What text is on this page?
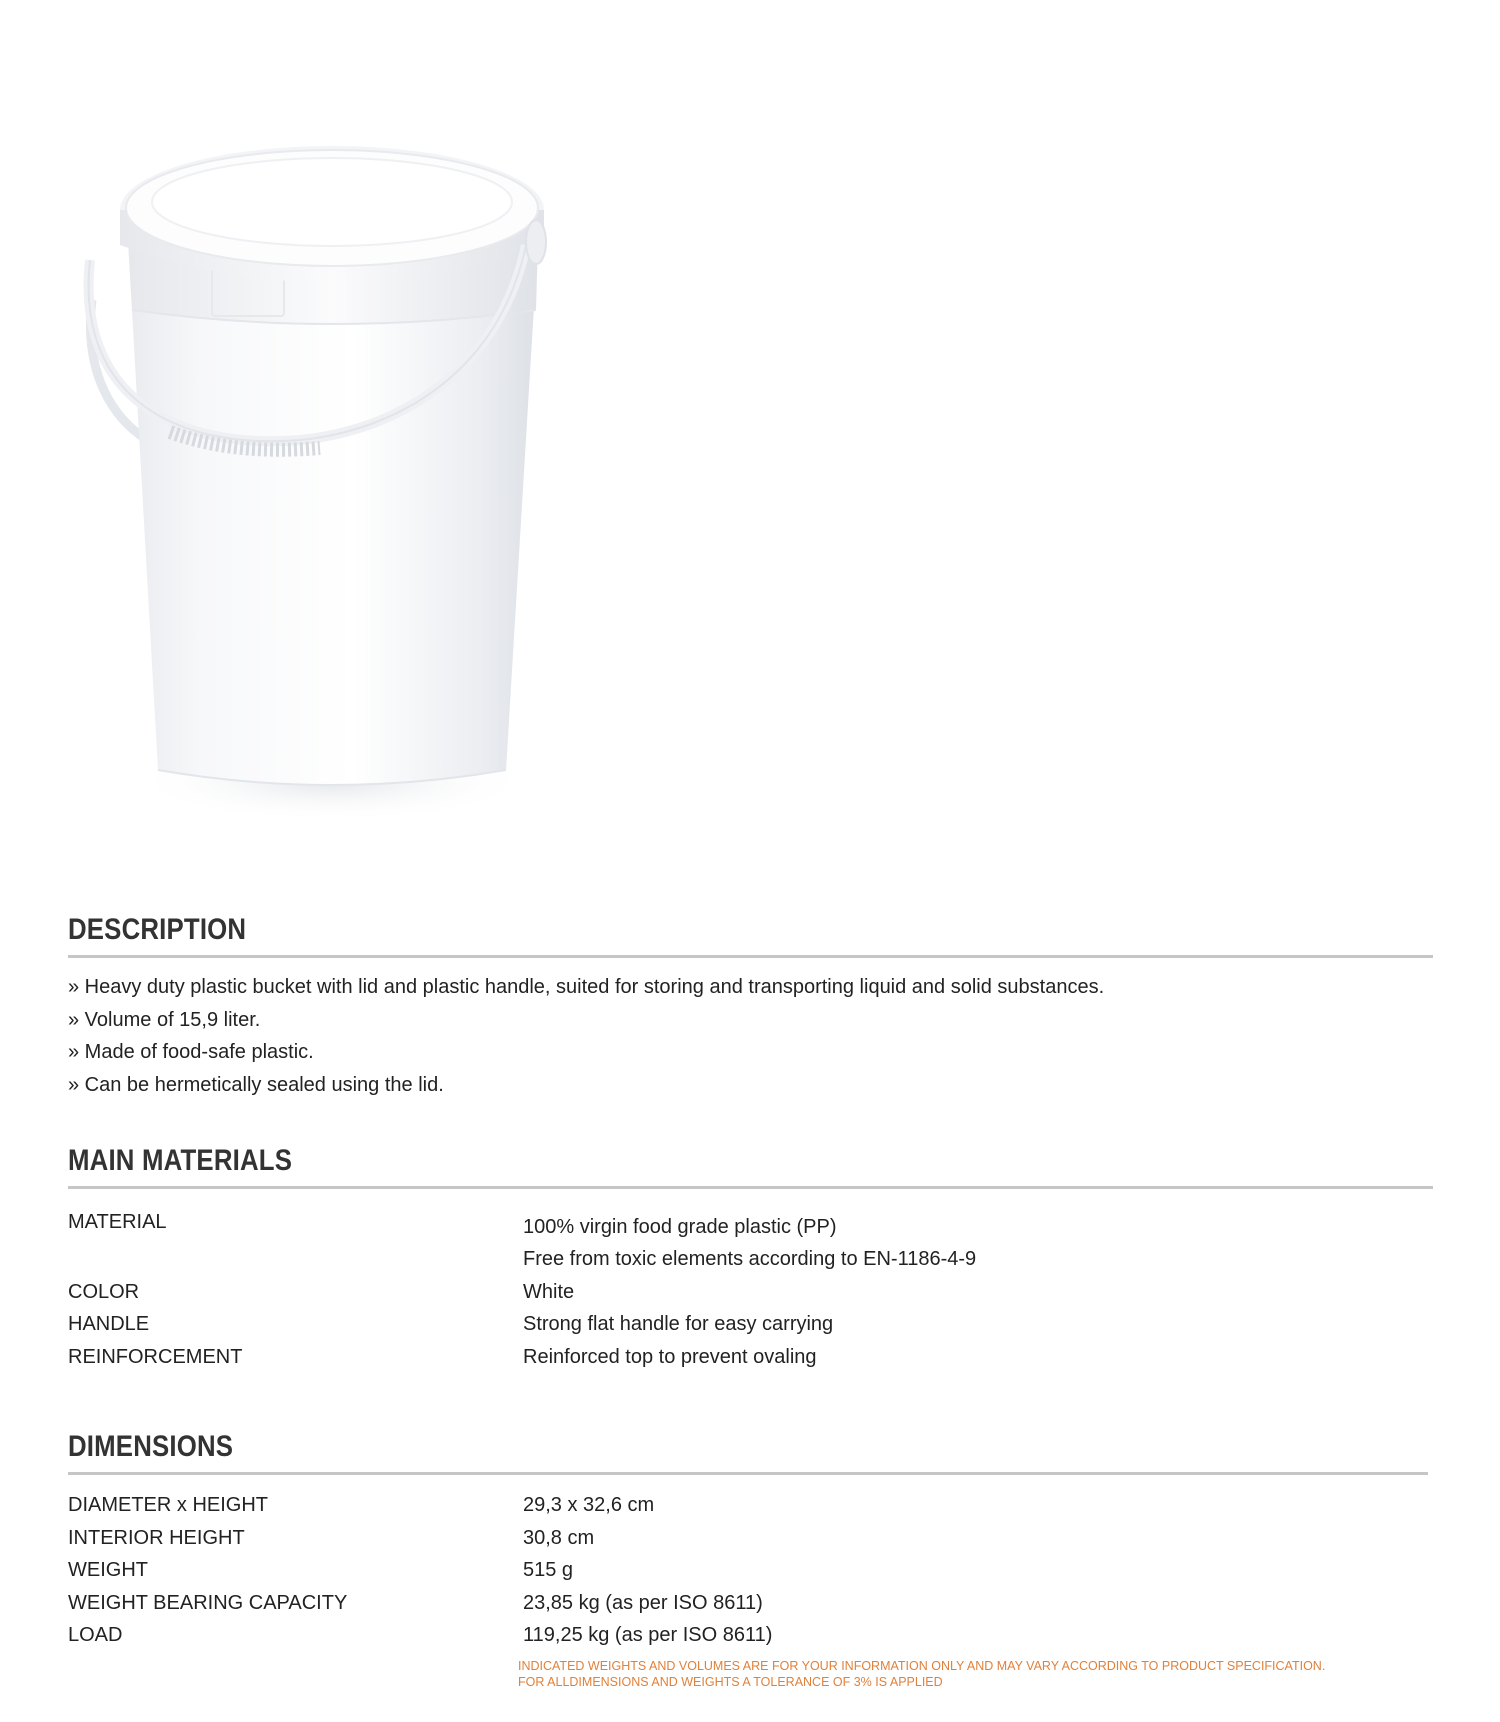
DESCRIPTION
» Heavy duty plastic bucket with lid and plastic handle, suited for storing and transporting liquid and solid substances.
» Volume of 15,9 liter.
» Made of food-safe plastic.
» Can be hermetically sealed using the lid.
MAIN MATERIALS
MATERIAL	100% virgin food grade plastic (PP)
Free from toxic elements according to EN-1186-4-9
COLOR	White
HANDLE	Strong flat handle for easy carrying
REINFORCEMENT	Reinforced top to prevent ovaling
DIMENSIONS
DIAMETER x HEIGHT	29,3 x 32,6 cm
INTERIOR HEIGHT	30,8 cm
WEIGHT	515 g
WEIGHT BEARING CAPACITY	23,85 kg (as per ISO 8611)
LOAD	119,25 kg (as per ISO 8611)
INDICATED WEIGHTS AND VOLUMES ARE FOR YOUR INFORMATION ONLY AND MAY VARY ACCORDING TO PRODUCT SPECIFICATION.
FOR ALLDIMENSIONS AND WEIGHTS A TOLERANCE OF 3% IS APPLIED
